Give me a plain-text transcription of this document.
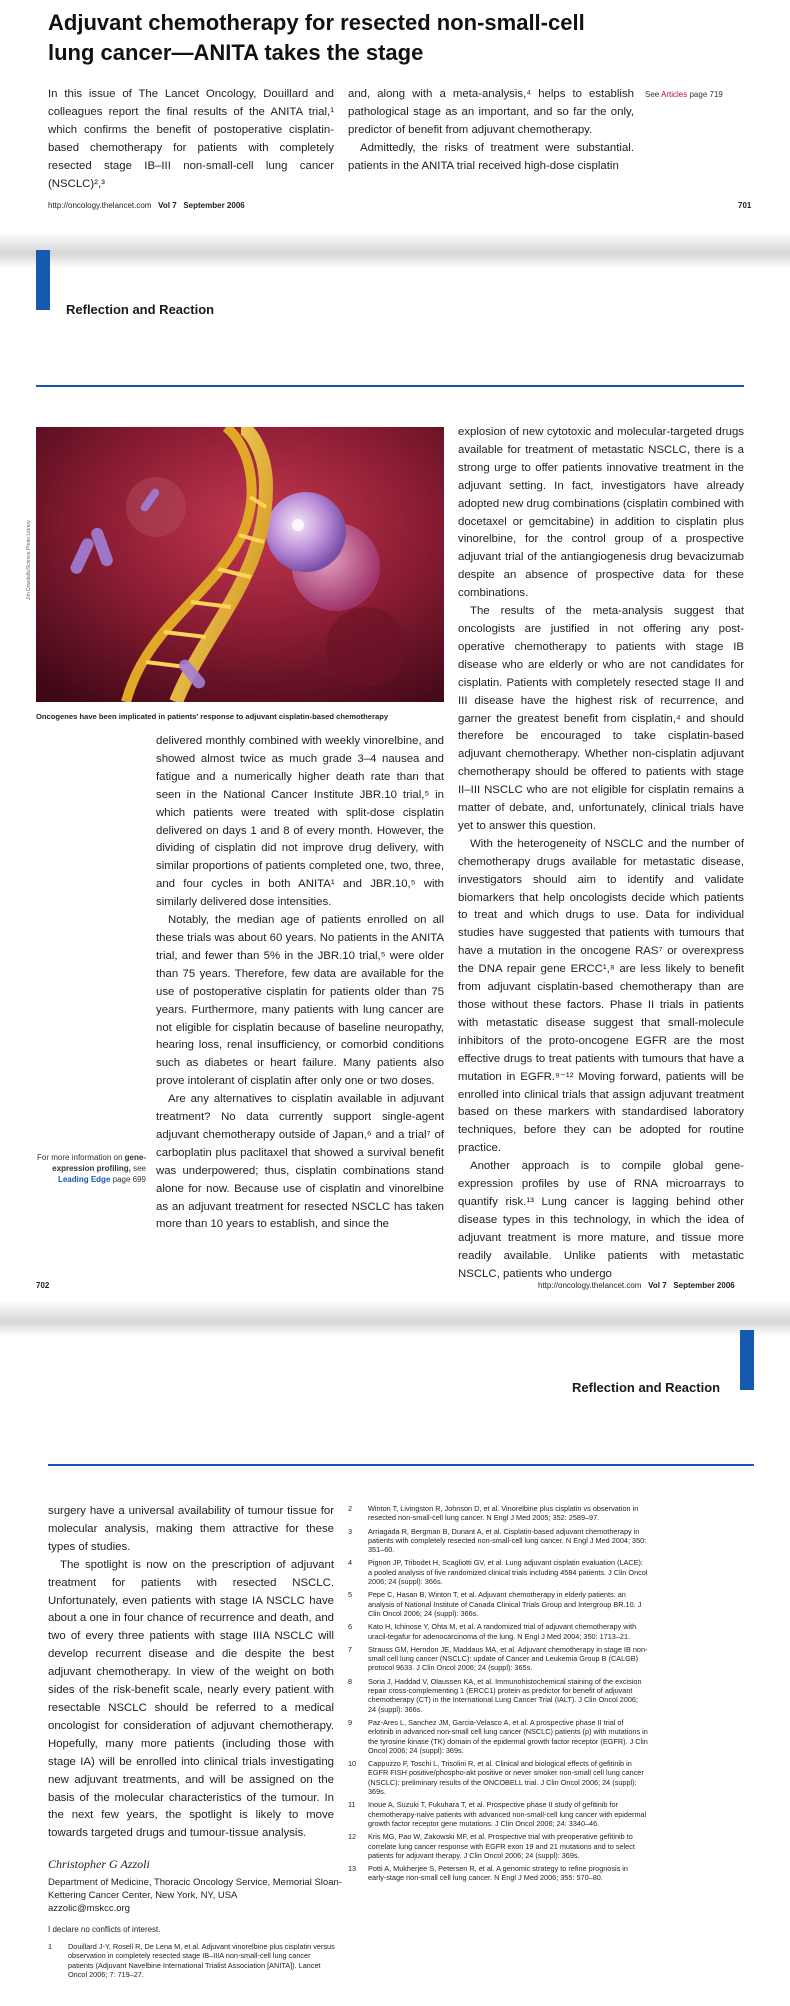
Adjuvant chemotherapy for resected non-small-cell lung cancer—ANITA takes the stage

In this issue of The Lancet Oncology, Douillard and colleagues report the final results of the ANITA trial,¹ which confirms the benefit of postoperative cisplatin-based chemotherapy for patients with completely resected stage IB–III non-small-cell lung cancer (NSCLC)²,³

and, along with a meta-analysis,⁴ helps to establish pathological stage as an important, and so far the only, predictor of benefit from adjuvant chemotherapy.

Admittedly, the risks of treatment were substantial. patients in the ANITA trial received high-dose cisplatin

See Articles page 719
http://oncology.thelancet.com Vol 7 September 2006	701
Reflection and Reaction
Jim Dowdalls/Science Photo Library
Oncogenes have been implicated in patients' response to adjuvant cisplatin-based chemotherapy

delivered monthly combined with weekly vinorelbine, and showed almost twice as much grade 3–4 nausea and fatigue and a numerically higher death rate than that seen in the National Cancer Institute JBR.10 trial,⁵ in which patients were treated with split-dose cisplatin delivered on days 1 and 8 of every month. However, the dividing of cisplatin did not improve drug delivery, with similar proportions of patients completed one, two, three, and four cycles in both ANITA¹ and JBR.10,⁵ with similarly delivered dose intensities.

Notably, the median age of patients enrolled on all these trials was about 60 years. No patients in the ANITA trial, and fewer than 5% in the JBR.10 trial,⁵ were older than 75 years. Therefore, few data are available for the use of postoperative cisplatin for patients older than 75 years. Furthermore, many patients with lung cancer are not eligible for cisplatin because of baseline neuropathy, hearing loss, renal insufficiency, or comorbid conditions such as diabetes or heart failure. Many patients also prove intolerant of cisplatin after only one or two doses.

Are any alternatives to cisplatin available in adjuvant treatment? No data currently support single-agent adjuvant chemotherapy outside of Japan,⁶ and a trial⁷ of carboplatin plus paclitaxel that showed a survival benefit was underpowered; thus, cisplatin combinations stand alone for now. Because use of cisplatin and vinorelbine as an adjuvant treatment for resected NSCLC has taken more than 10 years to establish, and since the

For more information on gene-expression profiling, see Leading Edge page 699

explosion of new cytotoxic and molecular-targeted drugs available for treatment of metastatic NSCLC, there is a strong urge to offer patients innovative treatment in the adjuvant setting. In fact, investigators have already adopted new drug combinations (cisplatin combined with docetaxel or gemcitabine) in addition to cisplatin plus vinorelbine, for the control group of a prospective adjuvant trial of the antiangiogenesis drug bevacizumab despite an absence of prospective data for these combinations.

The results of the meta-analysis suggest that oncologists are justified in not offering any post-operative chemotherapy to patients with stage IB disease who are elderly or who are not candidates for cisplatin. Patients with completely resected stage II and III disease have the highest risk of recurrence, and garner the greatest benefit from cisplatin,⁴ and should therefore be encouraged to take cisplatin-based adjuvant chemotherapy. Whether non-cisplatin adjuvant chemotherapy should be offered to patients with stage II–III NSCLC who are not eligible for cisplatin remains a matter of debate, and, unfortunately, clinical trials have yet to answer this question.

With the heterogeneity of NSCLC and the number of chemotherapy drugs available for metastatic disease, investigators should aim to identify and validate biomarkers that help oncologists decide which patients to treat and which drugs to use. Data for individual studies have suggested that patients with tumours that have a mutation in the oncogene RAS⁷ or overexpress the DNA repair gene ERCC¹,⁸ are less likely to benefit from adjuvant cisplatin-based chemotherapy than are those without these factors. Phase II trials in patients with metastatic disease suggest that small-molecule inhibitors of the proto-oncogene EGFR are the most effective drugs to treat patients with tumours that have a mutation in EGFR.⁹⁻¹² Moving forward, patients will be enrolled into clinical trials that assign adjuvant treatment based on these markers with standardised laboratory techniques, before they can be adopted for routine practice.

Another approach is to compile global gene-expression profiles by use of RNA microarrays to quantify risk.¹³ Lung cancer is lagging behind other disease types in this technology, in which the idea of adjuvant treatment is more mature, and tissue more readily available. Unlike patients with metastatic NSCLC, patients who undergo

702	http://oncology.thelancet.com Vol 7 September 2006
Reflection and Reaction

surgery have a universal availability of tumour tissue for molecular analysis, making them attractive for these types of studies.

The spotlight is now on the prescription of adjuvant treatment for patients with resected NSCLC. Unfortunately, even patients with stage IA NSCLC have about a one in four chance of recurrence and death, and two of every three patients with stage IIIA NSCLC will develop recurrent disease and die despite the best adjuvant chemotherapy. In view of the weight on both sides of the risk-benefit scale, nearly every patient with resectable NSCLC should be referred to a medical oncologist for consideration of adjuvant chemotherapy. Hopefully, many more patients (including those with stage IA) will be enrolled into clinical trials investigating new adjuvant treatments, and will be assigned on the basis of the molecular characteristics of the tumour. In the next few years, the spotlight is likely to move towards targeted drugs and tumour-tissue analysis.

Christopher G Azzoli
Department of Medicine, Thoracic Oncology Service, Memorial Sloan-Kettering Cancer Center, New York, NY, USA
azzolic@mskcc.org
I declare no conflicts of interest.
1	Douillard J-Y, Rosell R, De Lena M, et al. Adjuvant vinorelbine plus cisplatin versus observation in completely resected stage IB–IIIA non-small-cell lung cancer patients (Adjuvant Navelbine International Trialist Association [ANITA]). Lancet Oncol 2006; 7: 719–27.
2	Winton T, Livingston R, Johnson D, et al. Vinorelbine plus cisplatin vs observation in resected non-small-cell lung cancer. N Engl J Med 2005; 352: 2589–97.
3	Arriagada R, Bergman B, Dunant A, et al. Cisplatin-based adjuvant chemotherapy in patients with completely resected non-small-cell lung cancer. N Engl J Med 2004; 350: 351–60.
4	Pignon JP, Tribodet H, Scagliotti GV, et al. Lung adjuvant cisplatin evaluation (LACE): a pooled analysis of five randomized clinical trials including 4584 patients. J Clin Oncol 2006; 24 (suppl): 366s.
5	Pepe C, Hasan B, Winton T, et al. Adjuvant chemotherapy in elderly patients: an analysis of National Institute of Canada Clinical Trials Group and Intergroup BR.10. J Clin Oncol 2006; 24 (suppl): 366s.
6	Kato H, Ichinose Y, Ohta M, et al. A randomized trial of adjuvant chemotherapy with uracil-tegafur for adenocarcinoma of the lung. N Engl J Med 2004; 350: 1713–21.
7	Strauss GM, Herndon JE, Maddaus MA, et al. Adjuvant chemotherapy in stage IB non-small cell lung cancer (NSCLC): update of Cancer and Leukemia Group B (CALGB) protocol 9633. J Clin Oncol 2006; 24 (suppl): 365s.
8	Soria J, Haddad V, Olaussen KA, et al. Immunohistochemical staining of the excision repair cross-complementing 1 (ERCC1) protein as predictor for benefit of adjuvant chemotherapy (CT) in the International Lung Cancer Trial (IALT). J Clin Oncol 2006; 24 (suppl): 366s.
9	Paz-Ares L, Sanchez JM, Garcia-Velasco A, et al. A prospective phase II trial of erlotinib in advanced non-small cell lung cancer (NSCLC) patients (p) with mutations in the tyrosine kinase (TK) domain of the epidermal growth factor receptor (EGFR). J Clin Oncol 2006; 24 (suppl): 369s.
10	Cappuzzo F, Toschi L, Trisolini R, et al. Clinical and biological effects of gefitinib in EGFR FISH positive/phospho-akt positive or never smoker non-small cell lung cancer (NSCLC): preliminary results of the ONCOBELL trial. J Clin Oncol 2006; 24 (suppl): 369s.
11	Inoue A, Suzuki T, Fukuhara T, et al. Prospective phase II study of gefitinib for chemotherapy-naive patients with advanced non-small-cell lung cancer with epidermal growth factor receptor gene mutations. J Clin Oncol 2006; 24: 3340–46.
12	Kris MG, Pao W, Zakowski MF, et al. Prospective trial with preoperative gefitinib to correlate lung cancer response with EGFR exon 19 and 21 mutations and to select patients for adjuvant therapy. J Clin Oncol 2006; 24 (suppl): 369s.
13	Potti A, Mukherjee S, Petersen R, et al. A genomic strategy to refine prognosis in early-stage non-small cell lung cancer. N Engl J Med 2006; 355: 570–80.
